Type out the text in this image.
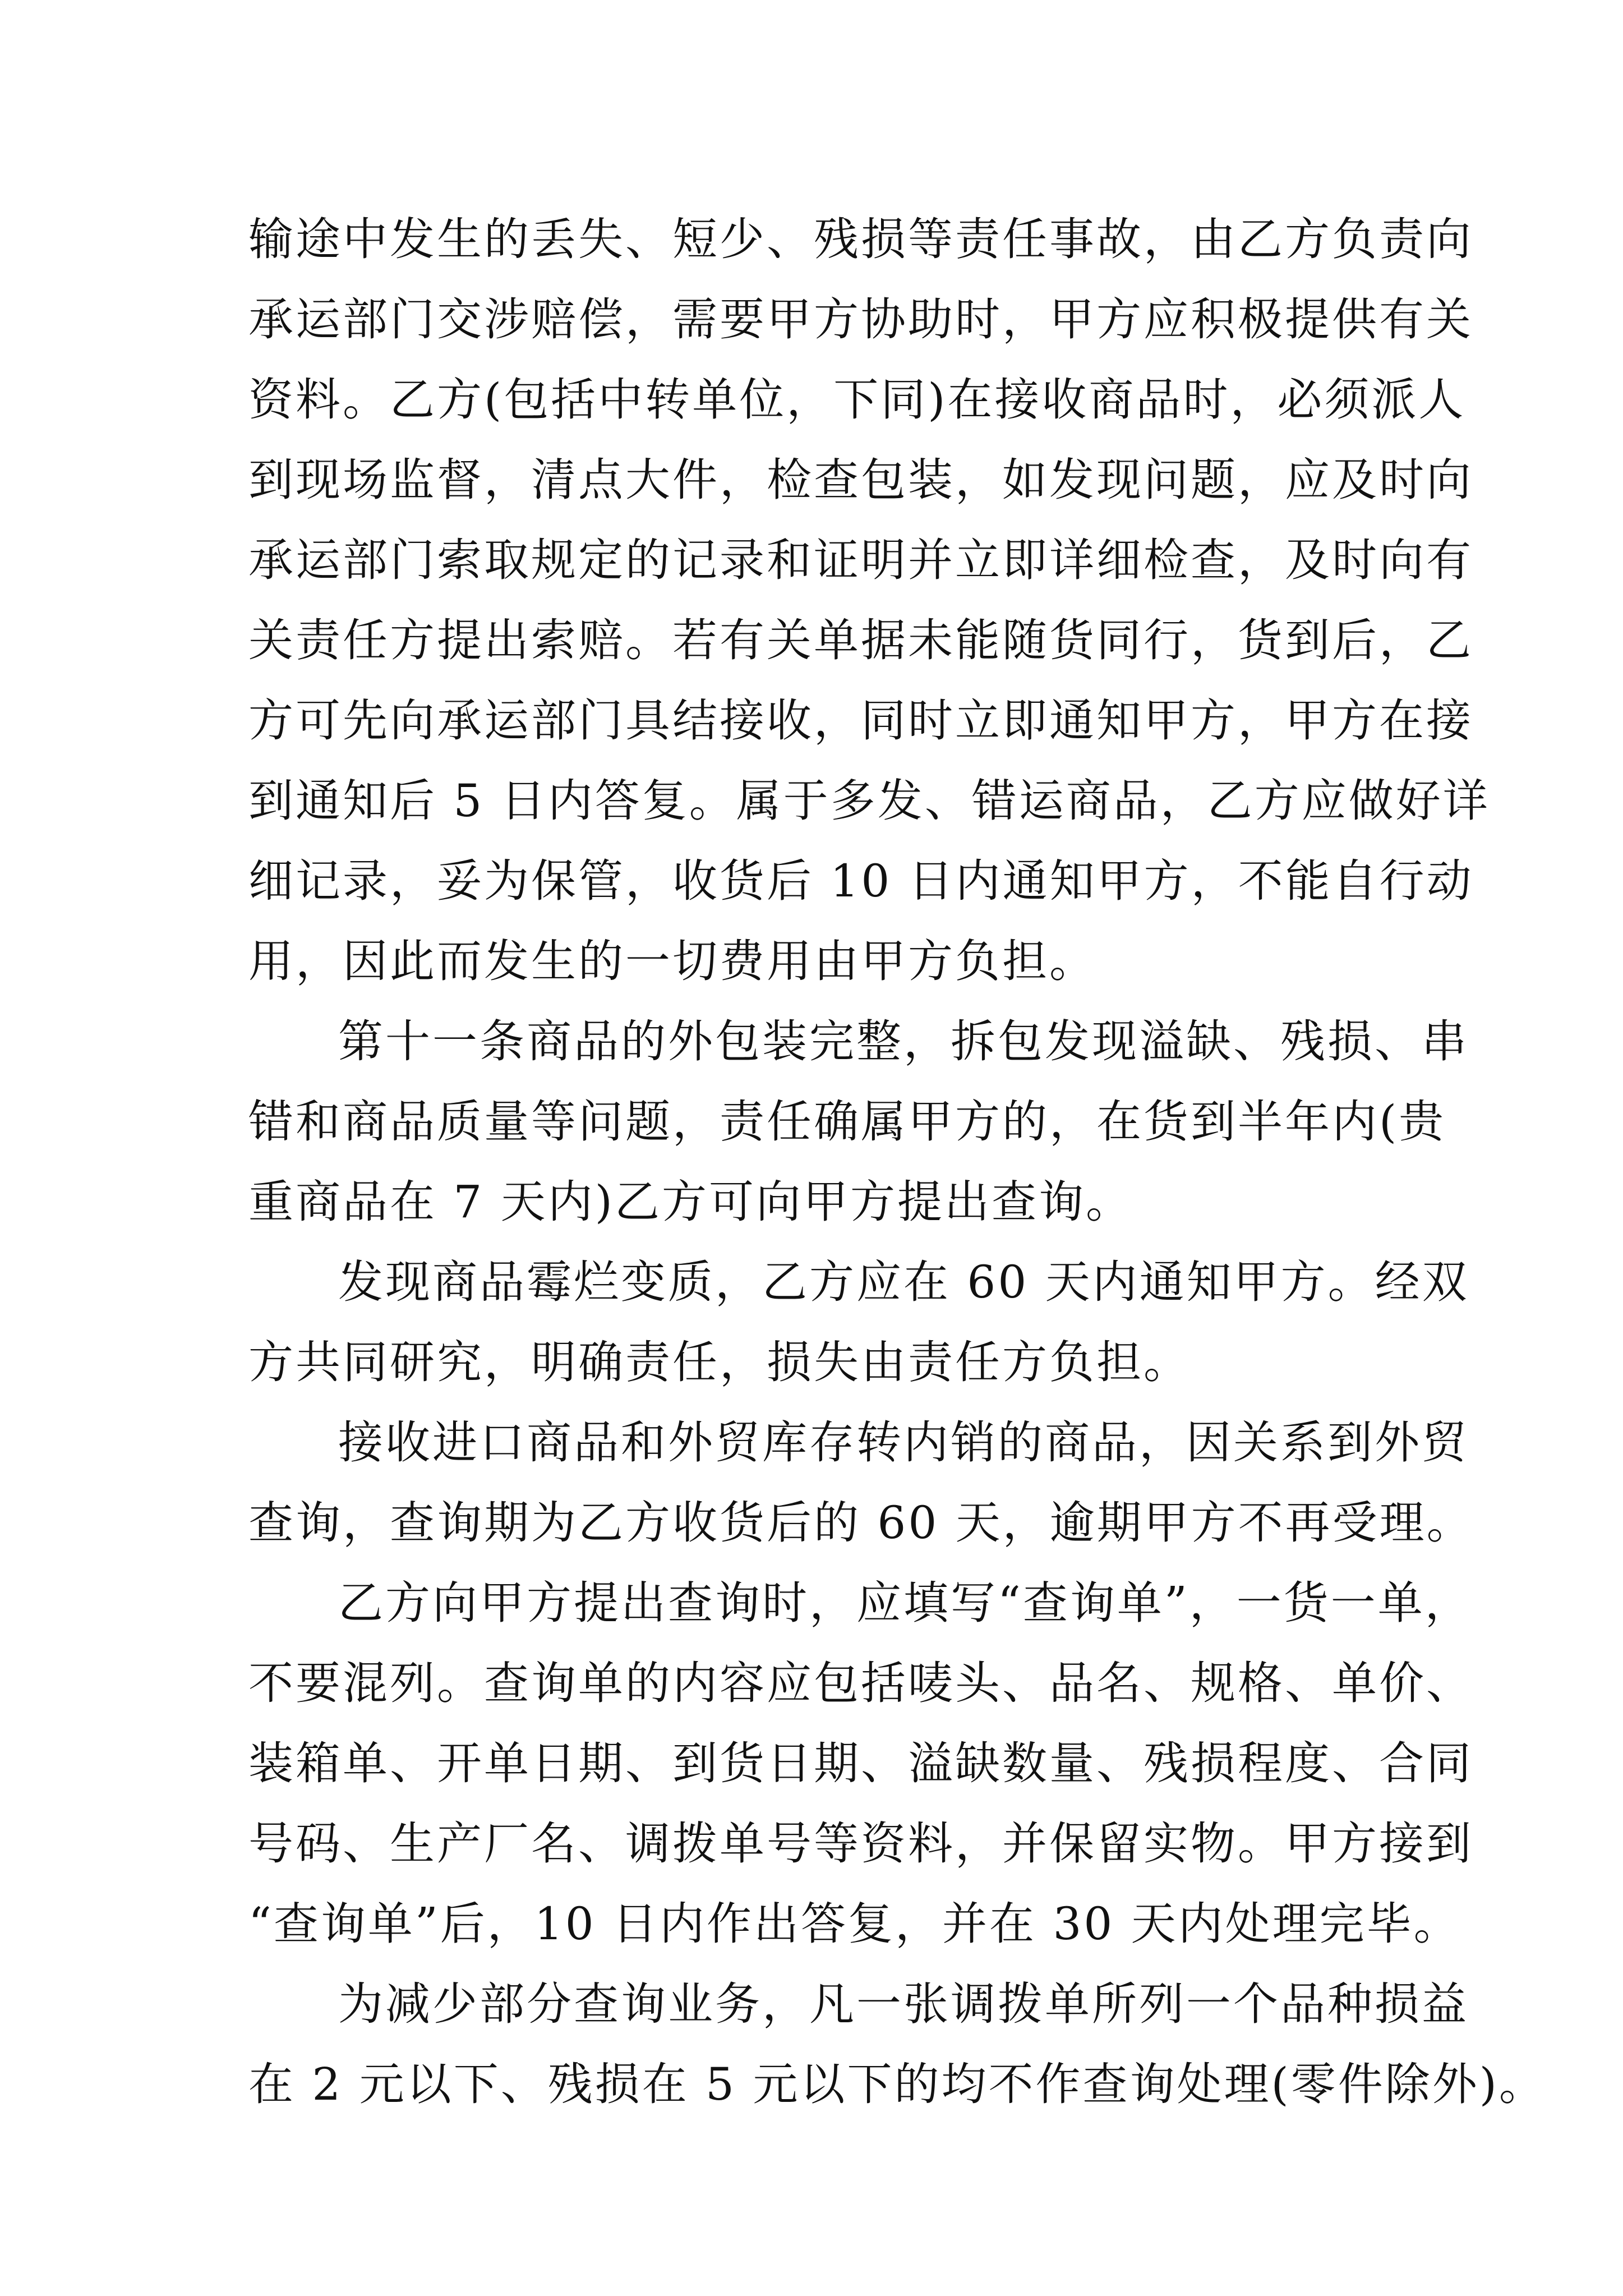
输途中发生的丢失、短少、残损等责任事故，由乙方负责向
承运部门交涉赔偿，需要甲方协助时，甲方应积极提供有关
资料。乙方(包括中转单位，下同)在接收商品时，必须派人
到现场监督，清点大件，检查包装，如发现问题，应及时向
承运部门索取规定的记录和证明并立即详细检查，及时向有
关责任方提出索赔。若有关单据未能随货同行，货到后，乙
方可先向承运部门具结接收，同时立即通知甲方，甲方在接
到通知后 5 日内答复。属于多发、错运商品，乙方应做好详
细记录，妥为保管，收货后 10 日内通知甲方，不能自行动
用，因此而发生的一切费用由甲方负担。
第十一条商品的外包装完整，拆包发现溢缺、残损、串
错和商品质量等问题，责任确属甲方的，在货到半年内(贵
重商品在 7 天内)乙方可向甲方提出查询。
发现商品霉烂变质，乙方应在 60 天内通知甲方。经双
方共同研究，明确责任，损失由责任方负担。
接收进口商品和外贸库存转内销的商品，因关系到外贸
查询，查询期为乙方收货后的 60 天，逾期甲方不再受理。
乙方向甲方提出查询时，应填写“查询单”，一货一单，
不要混列。查询单的内容应包括唛头、品名、规格、单价、
装箱单、开单日期、到货日期、溢缺数量、残损程度、合同
号码、生产厂名、调拨单号等资料，并保留实物。甲方接到
“查询单”后，10 日内作出答复，并在 30 天内处理完毕。
为减少部分查询业务，凡一张调拨单所列一个品种损益
在 2 元以下、残损在 5 元以下的均不作查询处理(零件除外)。
